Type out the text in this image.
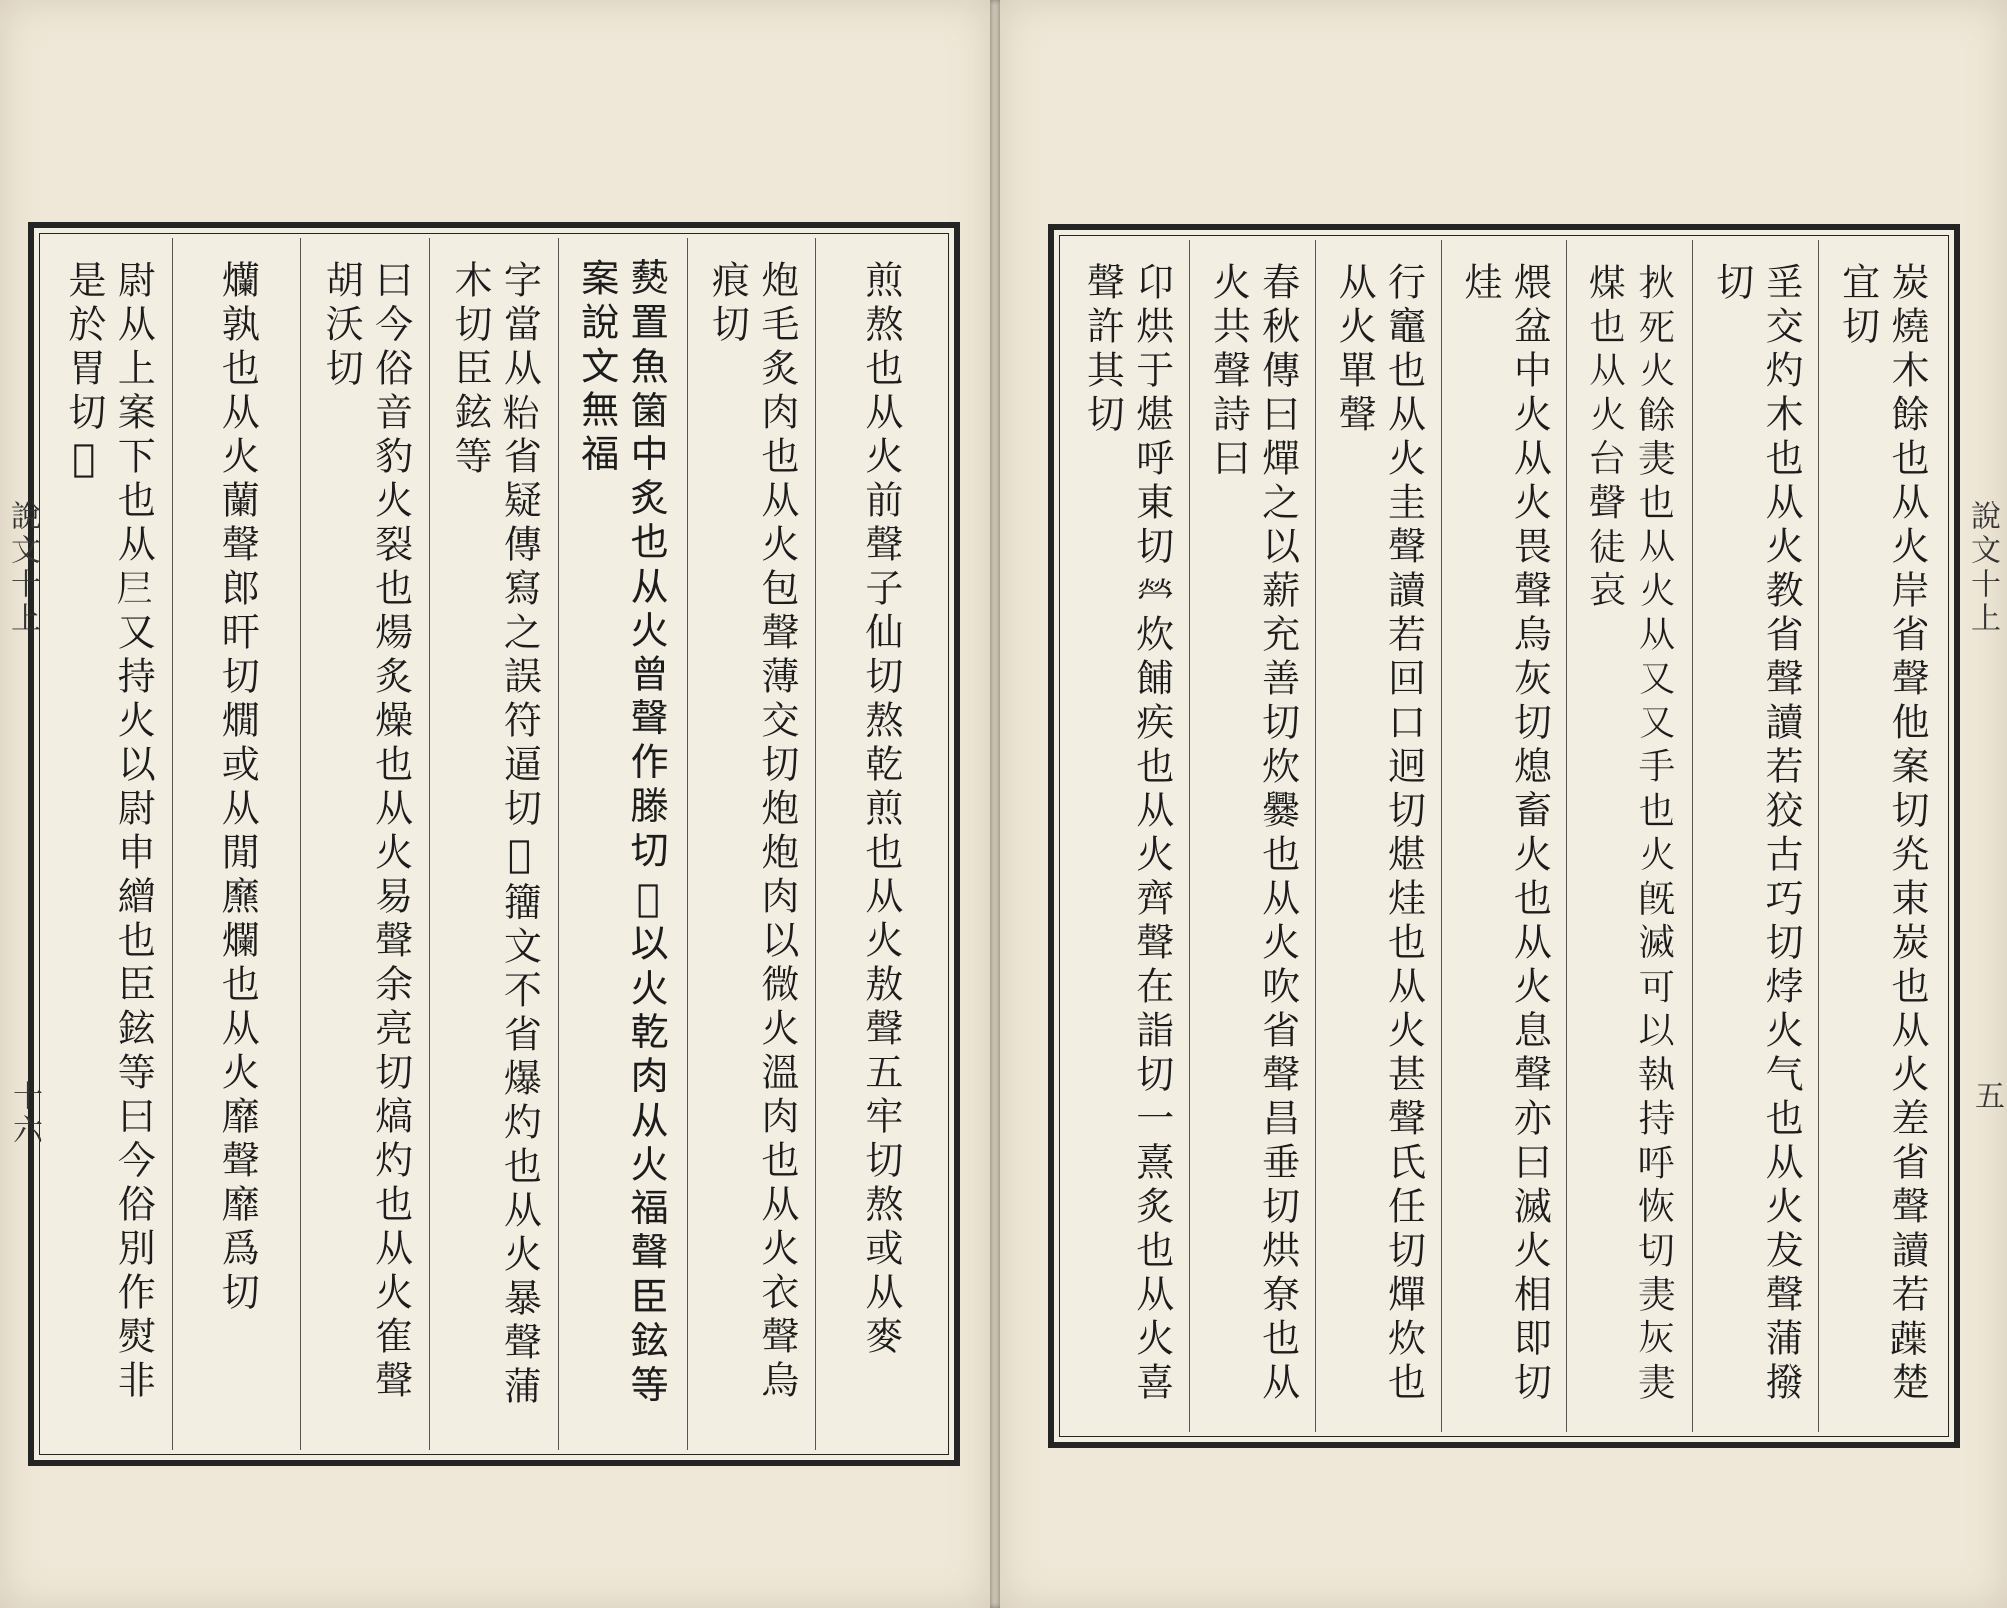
炭燒木餘也从火岸省聲他案切㶢束炭也从火差省聲讀若𧀢楚宜切
㸒交灼木也从火教省聲讀若狡古巧切㶿火气也从火犮聲蒲撥切
𤆎死火餘㶳也从火从又又手也火既滅可以執持呼恢切㶳灰㶳煤也从火台聲徒哀
煨盆中火从火畏聲烏灰切熄畜火也从火息聲亦曰滅火相即切烓
行竈也从火圭聲讀若回口迥切煁烓也从火甚聲氏任切燀炊也从火單聲
春秋傳曰燀之以薪充善切炊爨也从火吹省聲昌垂切烘尞也从火共聲詩曰
卬烘于煁呼東切𤇾炊餔疾也从火齊聲在詣切一熹炙也从火喜聲許其切
說文十上
五
煎熬也从火前聲子仙切熬乾煎也从火敖聲五牢切熬或从麥
炮毛炙肉也从火包聲薄交切炮炮肉以微火溫肉也从火衣聲烏痕切
𤑔置魚箘中炙也从火曾聲作滕切𤐤以火乾肉从火福聲臣鉉等案說文無福
字當从𥹋省疑傳寫之誤符逼切𤑕籒文不省爆灼也从火暴聲蒲木切臣鉉等
曰今俗音豹火裂也煬炙燥也从火易聲余亮切熇灼也从火隺聲胡沃切
爤孰也从火蘭聲郎旰切燗或从閒爢爛也从火靡聲靡爲切
尉从上案下也从𡰥又持火以尉申繒也臣鉉等曰今俗別作熨非是於胃切𤎛
說文十上
十六
